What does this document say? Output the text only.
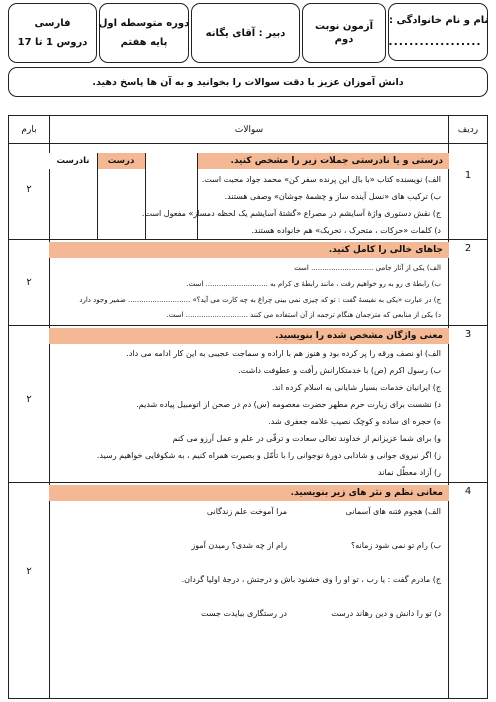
نام و نام خانوادگی :
..................
آزمون نوبت
دوم
دبیر : آقای یگانه
دوره متوسطه اول
پایه هفتم
فارسی
دروس 1 تا 17
دانش آموزان عزیز با دقت سوالات را بخوانید و به آن ها پاسخ دهید.
ردیف
سوالات
بارم
1
۲
درستی و یا نادرستی جملات زیر را مشخص کنید.
درست
نادرست
الف) نویسنده کتاب «با بال این پرنده سفر کن» محمد جواد محبت است.
ب) ترکیب های «نسل آینده ساز و چشمهٔ جوشان» وصفی هستند.
ج) نقش دستوری واژهٔ آسایشم در مصراع «گشتهٔ آسایشم یک لحظه دمساز» مفعول است.
د) کلمات «حرکات ، متحرک ، تحریک» هم خانواده هستند.
2
۲
جاهای خالی را کامل کنید.
الف) یکی از آثار جامی ............................ است
ب) رابطهٔ ی رو به رو خواهیم رفت ، مانند رابطهٔ ی کرام به ............................ است.
ج) در عبارت «یکی به نفیسهٔ گفت : تو که چیزی نمی بینی چراغ به چه کارت می آید؟» ............................ ضمیر وجود دارد
د) یکی از منابعی که مترجمان هنگام ترجمه از آن استفاده می کنند ............................ است.
3
۲
معنی واژگان مشخص شده را بنویسید.
الف) او نصف ورقه را پر کرده بود و هنوز هم با اراده و سماجت عجیبی به این کار ادامه می داد.
ب) رسول اکرم (ص) با خدمتکارانش رأفت و عطوفت داشت.
ج) ایرانیان خدمات بسیار شایانی به اسلام کرده اند.
د) نشست برای زیارت حرم مطهر حضرت معصومه (س) دم در صحن از اتومبیل پیاده شدیم.
ه) حجره ای ساده و کوچک نصیب علامه جعفری شد.
و) برای شما عزیزانم از خداوند تعالی سعادت و ترقّی در علم و عمل آرزو می کنم
ز) اگر نیروی جوانی و شادابی دورهٔ نوجوانی را با تأمّل و بصیرت همراه کنیم ، به شکوفایی خواهیم رسید.
ر) آزاد معطّل نماند
4
۲
معانی نظم و نثر های زیر بنویسید.
الف) هجوم فتنه های آسمانی
مرا آموخت علم زندگانی
ب) رام تو نمی شود زمانه؟
رام از چه شدی؟ رمیدن آموز
ج) مادرم گفت : یا رب ، تو او را وی خشنود باش و درجتش ، درجهٔ اولیا گردان.
د) تو را دانش و دین رهاند درست
در رستگاری ببایدت جست
